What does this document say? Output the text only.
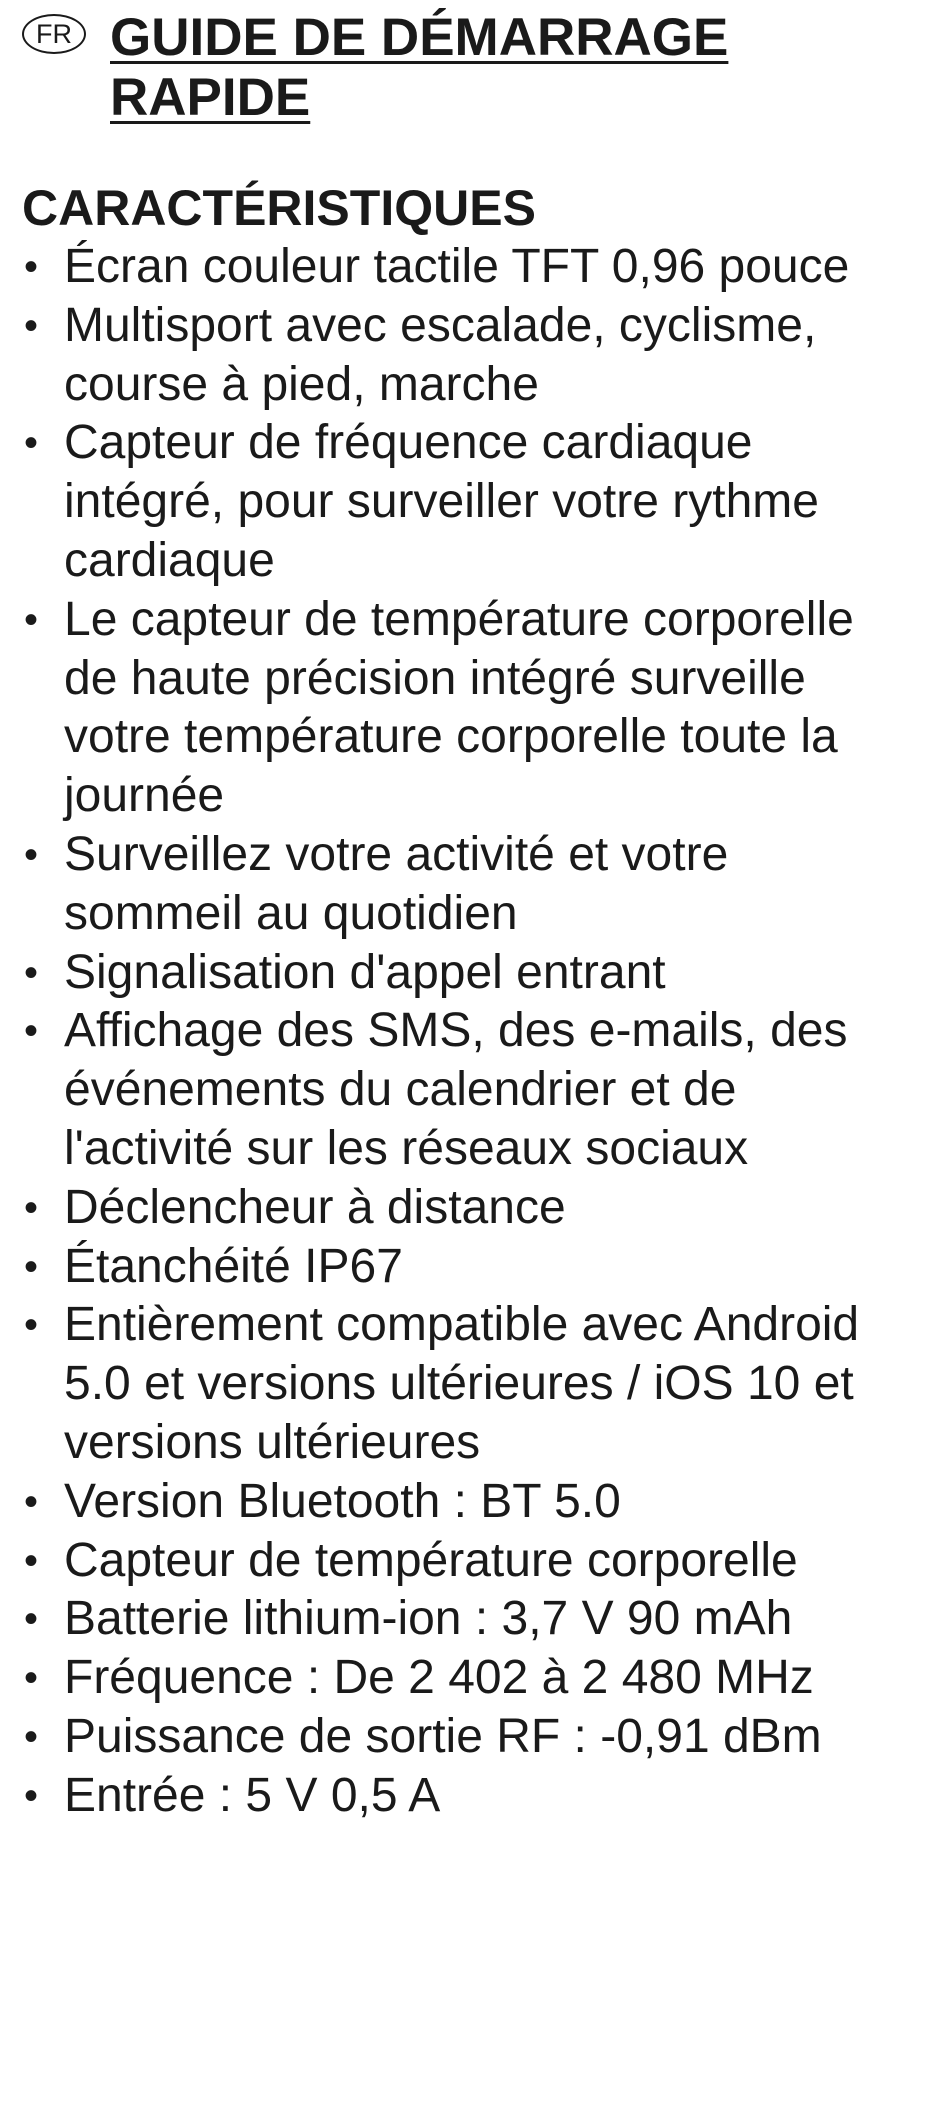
FR GUIDE DE DÉMARRAGE RAPIDE
CARACTÉRISTIQUES
• Écran couleur tactile TFT 0,96 pouce
• Multisport avec escalade, cyclisme, course à pied, marche
• Capteur de fréquence cardiaque intégré, pour surveiller votre rythme cardiaque
• Le capteur de température corporelle de haute précision intégré surveille votre température corporelle toute la journée
• Surveillez votre activité et votre sommeil au quotidien
• Signalisation d'appel entrant
• Affichage des SMS, des e-mails, des événements du calendrier et de l'activité sur les réseaux sociaux
• Déclencheur à distance
• Étanchéité IP67
• Entièrement compatible avec Android 5.0 et versions ultérieures / iOS 10 et versions ultérieures
• Version Bluetooth : BT 5.0
• Capteur de température corporelle
• Batterie lithium-ion : 3,7 V 90 mAh
• Fréquence : De 2 402 à 2 480 MHz
• Puissance de sortie RF : -0,91 dBm
• Entrée : 5 V 0,5 A
